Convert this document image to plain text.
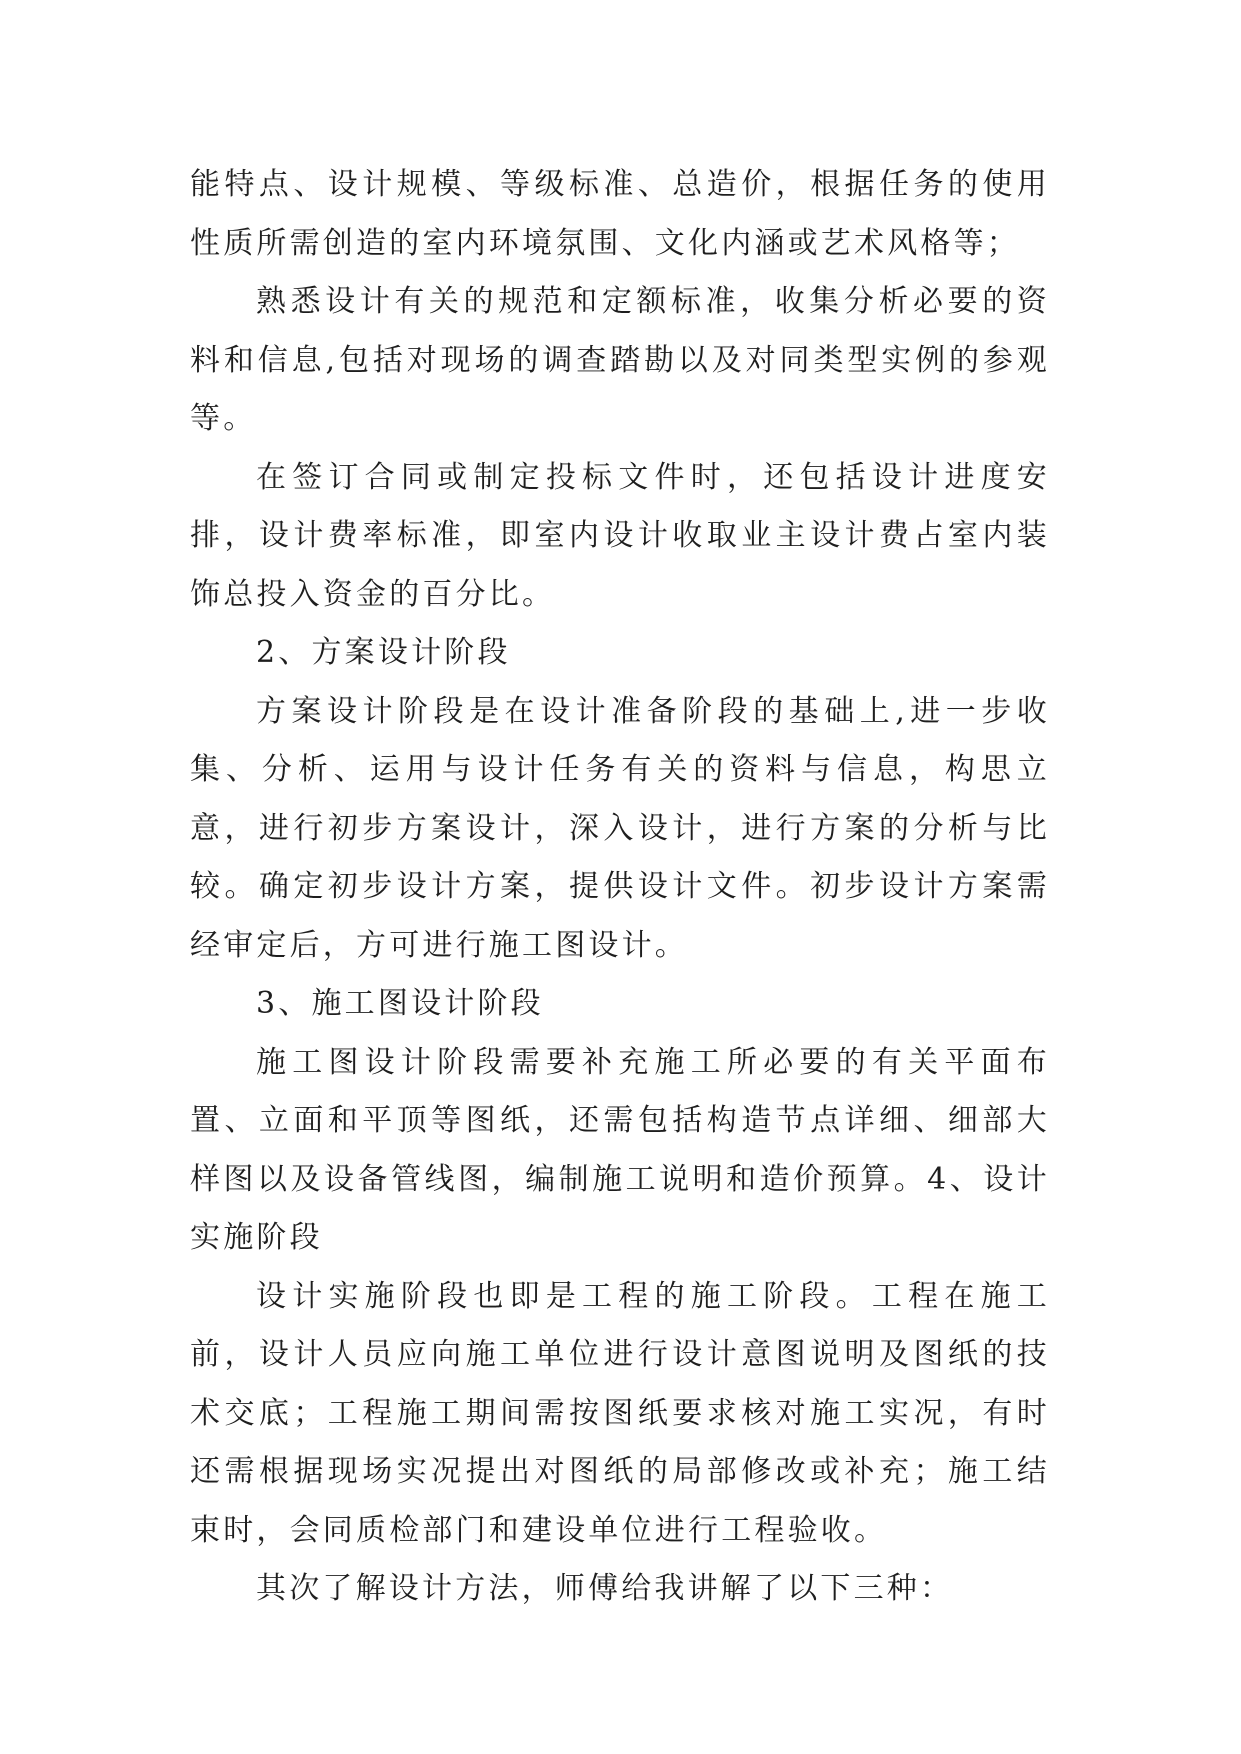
能特点、设计规模、等级标准、总造价，根据任务的使用性质所需创造的室内环境氛围、文化内涵或艺术风格等；

熟悉设计有关的规范和定额标准，收集分析必要的资料和信息,包括对现场的调查踏勘以及对同类型实例的参观等。

在签订合同或制定投标文件时，还包括设计进度安排，设计费率标准，即室内设计收取业主设计费占室内装饰总投入资金的百分比。

2、方案设计阶段

方案设计阶段是在设计准备阶段的基础上,进一步收集、分析、运用与设计任务有关的资料与信息，构思立意，进行初步方案设计，深入设计，进行方案的分析与比较。确定初步设计方案，提供设计文件。初步设计方案需经审定后，方可进行施工图设计。

3、施工图设计阶段

施工图设计阶段需要补充施工所必要的有关平面布置、立面和平顶等图纸，还需包括构造节点详细、细部大样图以及设备管线图，编制施工说明和造价预算。4、设计实施阶段

设计实施阶段也即是工程的施工阶段。工程在施工前，设计人员应向施工单位进行设计意图说明及图纸的技术交底；工程施工期间需按图纸要求核对施工实况，有时还需根据现场实况提出对图纸的局部修改或补充；施工结束时，会同质检部门和建设单位进行工程验收。

其次了解设计方法，师傅给我讲解了以下三种：
